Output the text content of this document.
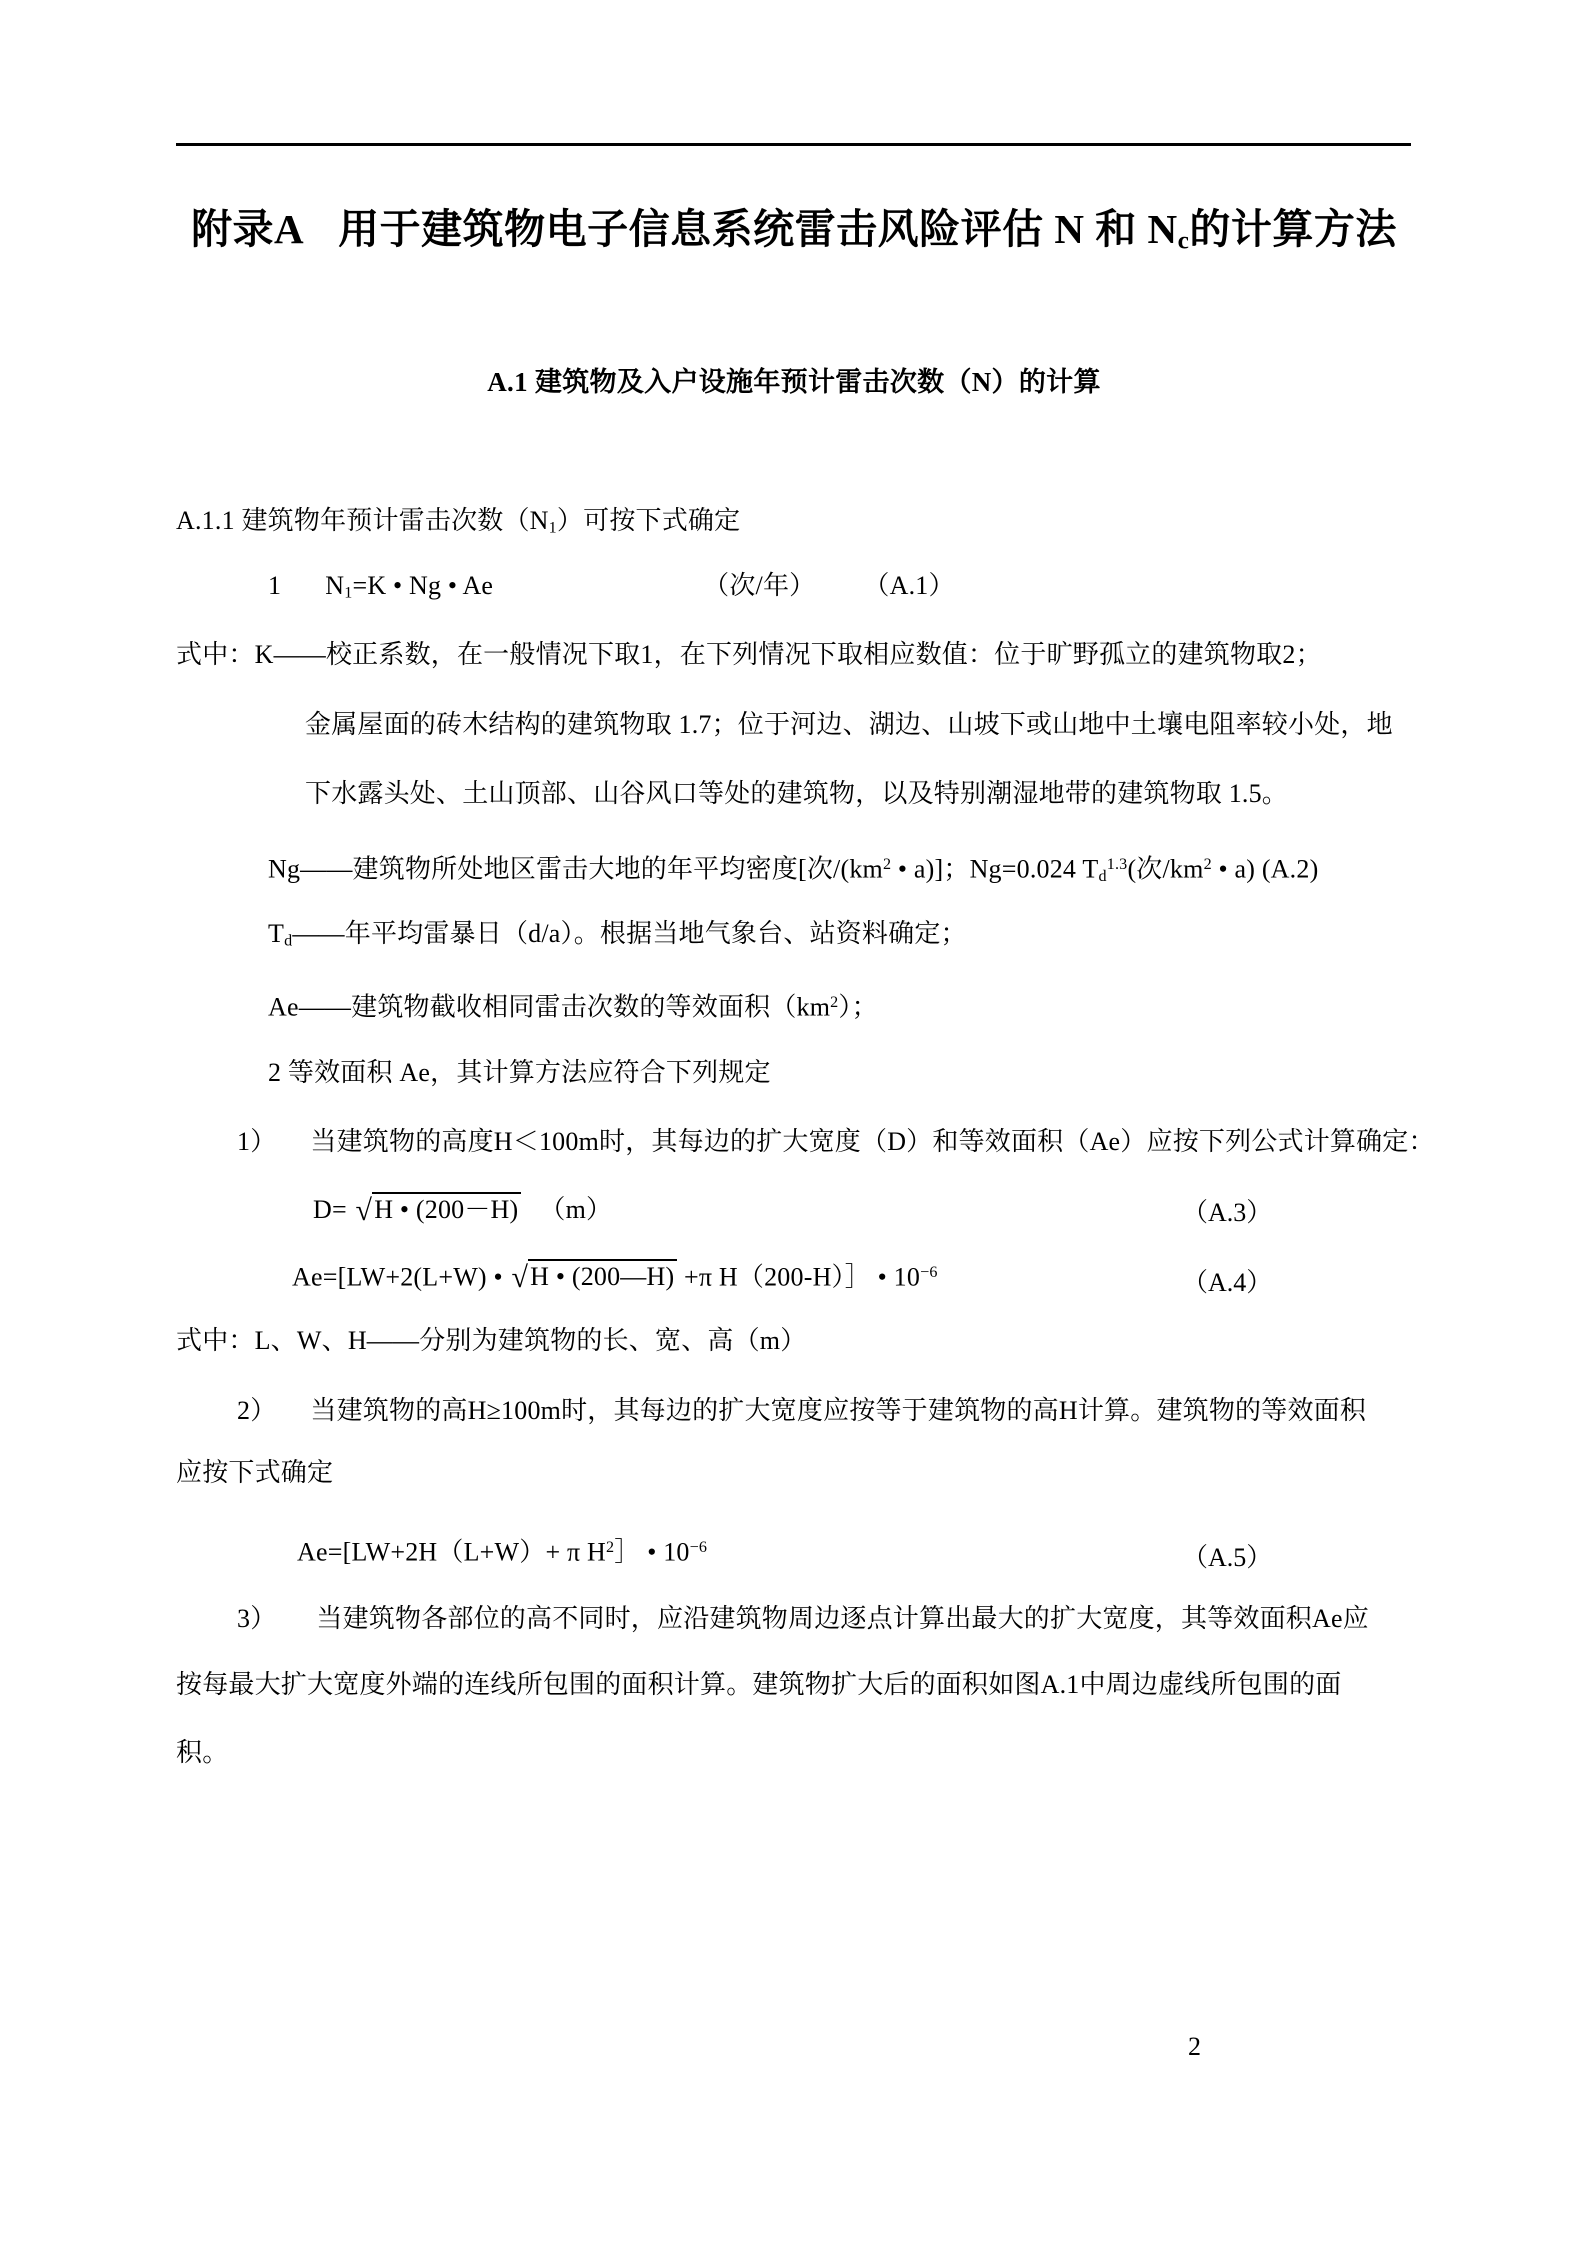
附录A 用于建筑物电子信息系统雷击风险评估 N 和 $N_c$的计算方法
A.1 建筑物及入户设施年预计雷击次数（N）的计算
A.1.1 建筑物年预计雷击次数$(N_1)$可按下式确定
1 $N_1=K$ • Ng • Ae	（次/年） （A.1）
式中：K——校正系数，在一般情况下取1，在下列情况下取相应数值：位于旷野孤立的建筑物取2；
金属屋面的砖木结构的建筑物取 1.7；位于河边、湖边、山坡下或山地中土壤电阻率较小处，地
下水露头处、土山顶部、山谷风口等处的建筑物，以及特别潮湿地带的建筑物取 1.5。
Ng——建筑物所处地区雷击大地的年平均密度[次$/(km^2$ • a)]；Ng=0.024 $T_d^{1.3}$(次$/km^2$ • a) (A.2)
$T_d——$年平均雷暴日（d/a）。根据当地气象台、站资料确定；
Ae——建筑物截收相同雷击次数的等效面积$(km^2)$；
2 等效面积 Ae，其计算方法应符合下列规定
1） 当建筑物的高度H＜100m时，其每边的扩大宽度（D）和等效面积（Ae）应按下列公式计算确定：
D= √H • (200－H) （m）	（A.3）
Ae=[LW+2(L+W) • √H • (200—H) +π H（200-H）］ • $10^{-6}$	（A.4）
式中：L、W、H——分别为建筑物的长、宽、高（m）
2） 当建筑物的高H≥100m时，其每边的扩大宽度应按等于建筑物的高H计算。建筑物的等效面积
应按下式确定
Ae=[LW+2H（L+W）+ π $H^2]$ • $10^{-6}$	（A.5）
3） 当建筑物各部位的高不同时，应沿建筑物周边逐点计算出最大的扩大宽度，其等效面积Ae应
按每最大扩大宽度外端的连线所包围的面积计算。建筑物扩大后的面积如图A.1中周边虚线所包围的面
积。
2
